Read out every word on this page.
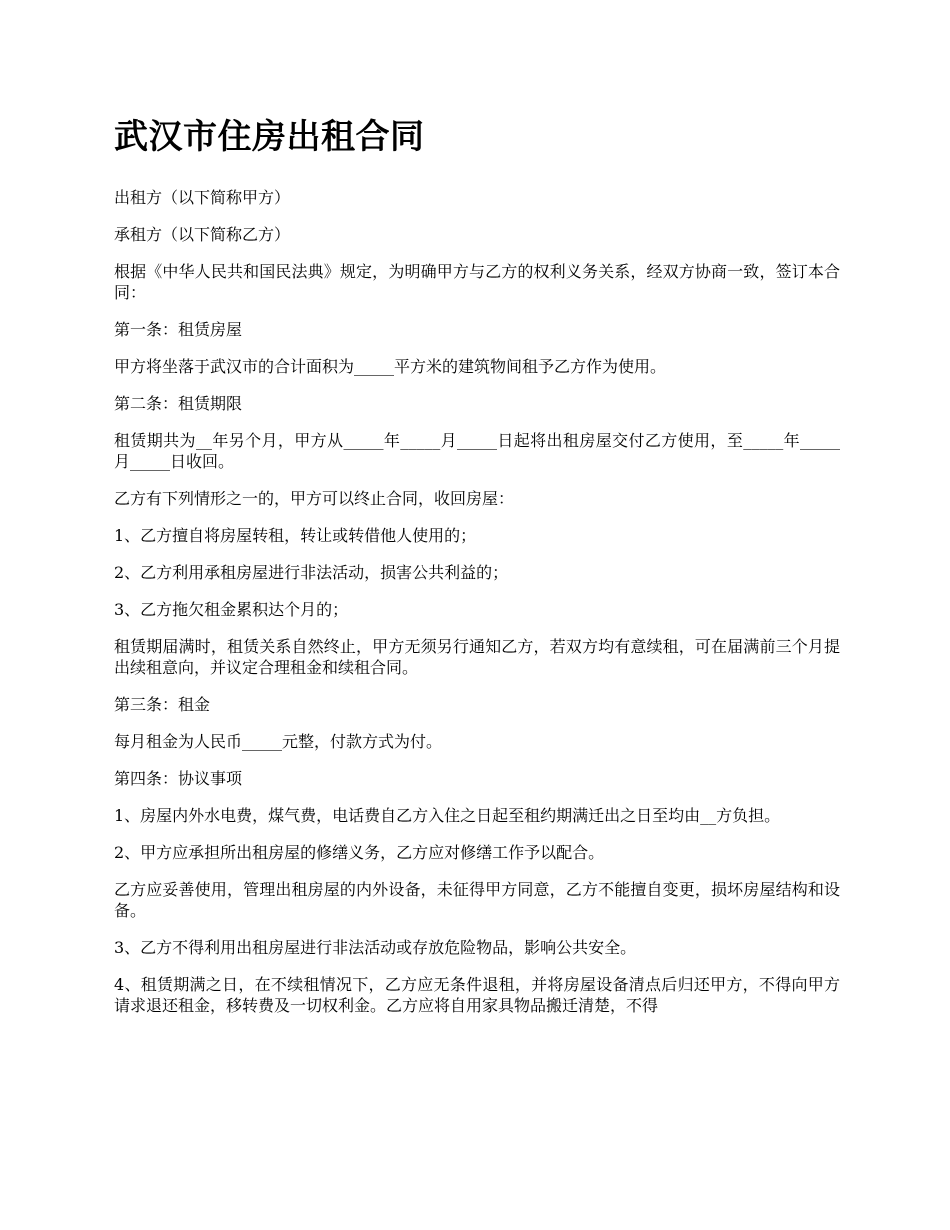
武汉市住房出租合同

出租方（以下简称甲方）

承租方（以下简称乙方）

根据《中华人民共和国民法典》规定，为明确甲方与乙方的权利义务关系，经双方协商一致，签订本合同：

第一条：租赁房屋

甲方将坐落于武汉市的合计面积为_____平方米的建筑物间租予乙方作为使用。

第二条：租赁期限

租赁期共为__年另个月，甲方从_____年_____月_____日起将出租房屋交付乙方使用，至_____年_____月_____日收回。

乙方有下列情形之一的，甲方可以终止合同，收回房屋：

1、乙方擅自将房屋转租，转让或转借他人使用的；

2、乙方利用承租房屋进行非法活动，损害公共利益的；

3、乙方拖欠租金累积达个月的；

租赁期届满时，租赁关系自然终止，甲方无须另行通知乙方，若双方均有意续租，可在届满前三个月提出续租意向，并议定合理租金和续租合同。

第三条：租金

每月租金为人民币_____元整，付款方式为付。

第四条：协议事项

1、房屋内外水电费，煤气费，电话费自乙方入住之日起至租约期满迁出之日至均由__方负担。

2、甲方应承担所出租房屋的修缮义务，乙方应对修缮工作予以配合。

乙方应妥善使用，管理出租房屋的内外设备，未征得甲方同意，乙方不能擅自变更，损坏房屋结构和设备。

3、乙方不得利用出租房屋进行非法活动或存放危险物品，影响公共安全。

4、租赁期满之日，在不续租情况下，乙方应无条件退租，并将房屋设备清点后归还甲方，不得向甲方请求退还租金，移转费及一切权利金。乙方应将自用家具物品搬迁清楚，不得
